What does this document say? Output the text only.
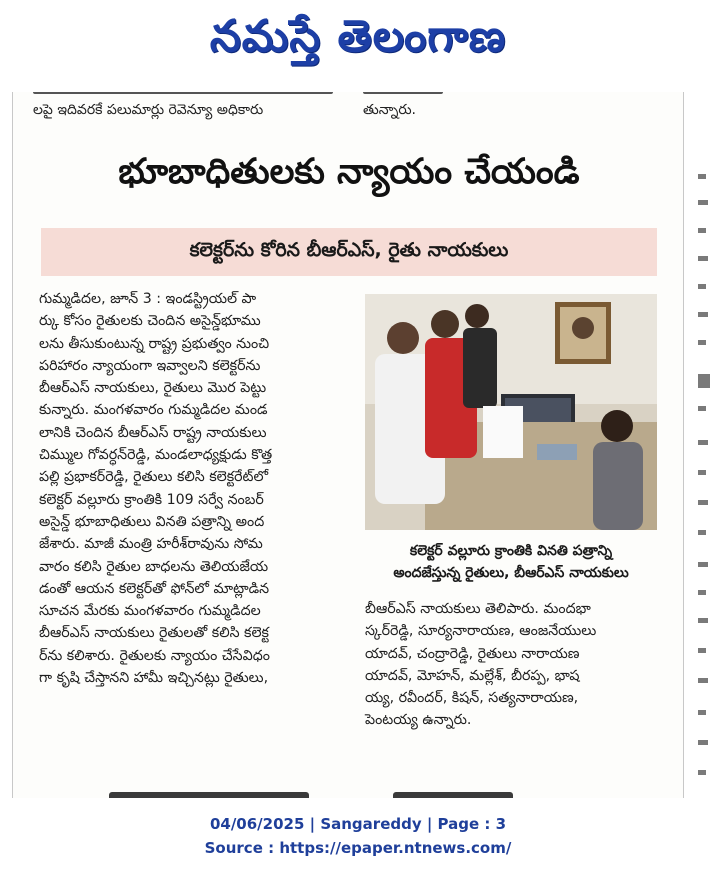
నమస్తే తెలంగాణ
లపై ఇదివరకే పలుమార్లు రెవెన్యూ అధికారు	తున్నారు.
భూబాధితులకు న్యాయం చేయండి
కలెక్టర్‌ను కోరిన బీఆర్‌ఎస్‌, రైతు నాయకులు

గుమ్మడిదల, జూన్‌ 3 : ఇండస్ట్రియల్‌ పా

ర్కు కోసం రైతులకు చెందిన అసైన్డ్‌భూము

లను తీసుకుంటున్న రాష్ట్ర ప్రభుత్వం నుంచి

పరిహారం న్యాయంగా ఇవ్వాలని కలెక్టర్‌ను

బీఆర్‌ఎస్‌ నాయకులు, రైతులు మొర పెట్టు

కున్నారు. మంగళవారం గుమ్మడిదల మండ

లానికి చెందిన బీఆర్‌ఎస్‌ రాష్ట్ర నాయకులు

చిమ్ముల గోవర్ధన్‌రెడ్డి, మండలాధ్యక్షుడు కొత్త

పల్లి ప్రభాకర్‌రెడ్డి, రైతులు కలిసి కలెక్టరేట్‌లో

కలెక్టర్‌ వల్లూరు క్రాంతికి 109 సర్వే నంబర్‌

అసైన్డ్‌ భూబాధితులు వినతి పత్రాన్ని అంద

జేశారు. మాజీ మంత్రి హరీశ్‌రావును సోమ

వారం కలిసి రైతుల బాధలను తెలియజేయ

డంతో ఆయన కలెక్టర్‌తో ఫోన్‌లో మాట్లాడిన

సూచన మేరకు మంగళవారం గుమ్మడిదల

బీఆర్‌ఎస్‌ నాయకులు రైతులతో కలిసి కలెక్ట

ర్‌ను కలిశారు. రైతులకు న్యాయం చేసేవిధం

గా కృషి చేస్తానని హామీ ఇచ్చినట్లు రైతులు,

కలెక్టర్‌ వల్లూరు క్రాంతికి వినతి పత్రాన్ని
అందజేస్తున్న రైతులు, బీఆర్‌ఎస్‌ నాయకులు

బీఆర్‌ఎస్‌ నాయకులు తెలిపారు. మందభా

స్కర్‌రెడ్డి, సూర్యనారాయణ, ఆంజనేయులు

యాదవ్‌, చంద్రారెడ్డి, రైతులు నారాయణ

యాదవ్‌, మోహన్‌, మల్లేశ్‌, బీరప్ప, భాష

య్య, రవీందర్‌, కిషన్‌, సత్యనారాయణ,

పెంటయ్య ఉన్నారు.

04/06/2025 | Sangareddy | Page : 3
Source : https://epaper.ntnews.com/
